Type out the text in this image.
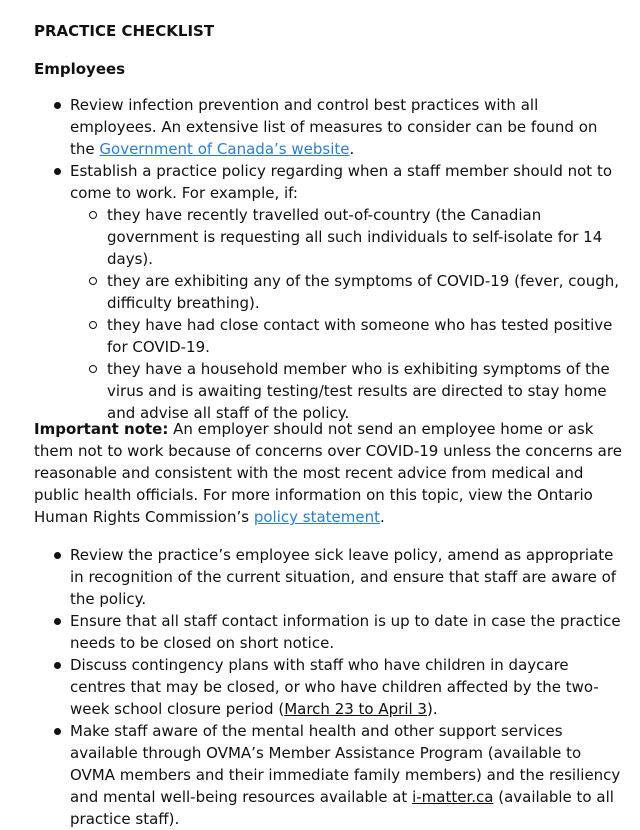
PRACTICE CHECKLIST

Employees

Review infection prevention and control best practices with all employees. An extensive list of measures to consider can be found on the Government of Canada’s website.
Establish a practice policy regarding when a staff member should not to come to work. For example, if:
they have recently travelled out-of-country (the Canadian government is requesting all such individuals to self-isolate for 14 days).
they are exhibiting any of the symptoms of COVID-19 (fever, cough, difficulty breathing).
they have had close contact with someone who has tested positive for COVID-19.
they have a household member who is exhibiting symptoms of the virus and is awaiting testing/test results are directed to stay home and advise all staff of the policy.

Important note: An employer should not send an employee home or ask them not to work because of concerns over COVID-19 unless the concerns are reasonable and consistent with the most recent advice from medical and public health officials. For more information on this topic, view the Ontario Human Rights Commission’s policy statement.

Review the practice’s employee sick leave policy, amend as appropriate in recognition of the current situation, and ensure that staff are aware of the policy.
Ensure that all staff contact information is up to date in case the practice needs to be closed on short notice.
Discuss contingency plans with staff who have children in daycare centres that may be closed, or who have children affected by the two-week school closure period (March 23 to April 3).
Make staff aware of the mental health and other support services available through OVMA’s Member Assistance Program (available to OVMA members and their immediate family members) and the resiliency and mental well-being resources available at i-matter.ca (available to all practice staff).
